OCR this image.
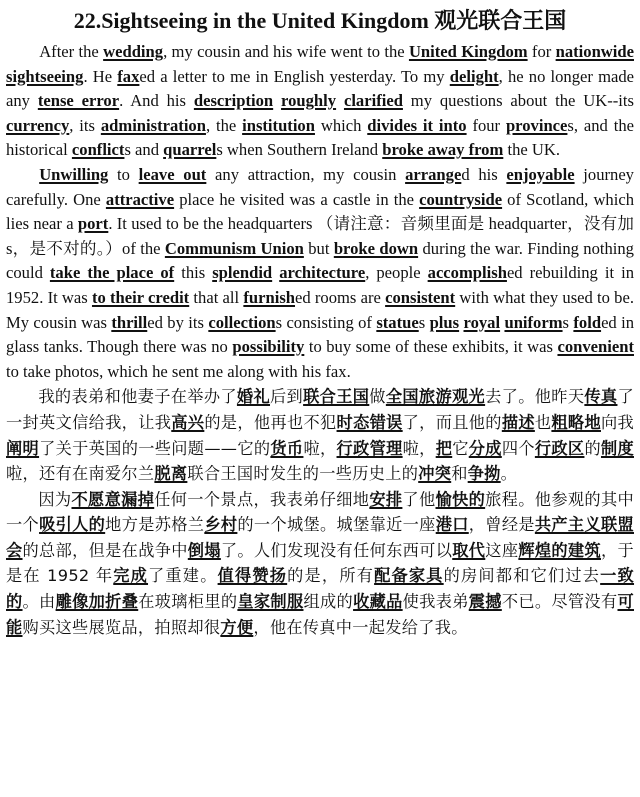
22.Sightseeing in the United Kingdom 观光联合王国

After the wedding, my cousin and his wife went to the United Kingdom for nationwide sightseeing. He faxed a letter to me in English yesterday. To my delight, he no longer made any tense error. And his description roughly clarified my questions about the UK--its currency, its administration, the institution which divides it into four provinces, and the historical conflicts and quarrels when Southern Ireland broke away from the UK.

Unwilling to leave out any attraction, my cousin arranged his enjoyable journey carefully. One attractive place he visited was a castle in the countryside of Scotland, which lies near a port. It used to be the headquarters （请注意：音频里面是 headquarter，没有加 s，是不对的。）of the Communism Union but broke down during the war. Finding nothing could take the place of this splendid architecture, people accomplished rebuilding it in 1952. It was to their credit that all furnished rooms are consistent with what they used to be. My cousin was thrilled by its collections consisting of statues plus royal uniforms folded in glass tanks. Though there was no possibility to buy some of these exhibits, it was convenient to take photos, which he sent me along with his fax.

我的表弟和他妻子在举办了婚礼后到联合王国做全国旅游观光去了。他昨天传真了一封英文信给我，让我高兴的是，他再也不犯时态错误了，而且他的描述也粗略地向我阐明了关于英国的一些问题——它的货币啦，行政管理啦，把它分成四个行政区的制度啦，还有在南爱尔兰脱离联合王国时发生的一些历史上的冲突和争拗。

因为不愿意漏掉任何一个景点，我表弟仔细地安排了他愉快的旅程。他参观的其中一个吸引人的地方是苏格兰乡村的一个城堡。城堡靠近一座港口，曾经是共产主义联盟会的总部，但是在战争中倒塌了。人们发现没有任何东西可以取代这座辉煌的建筑，于是在 1952 年完成了重建。值得赞扬的是，所有配备家具的房间都和它们过去一致的。由雕像加折叠在玻璃柜里的皇家制服组成的收藏品使我表弟震撼不已。尽管没有可能购买这些展览品，拍照却很方便，他在传真中一起发给了我。
